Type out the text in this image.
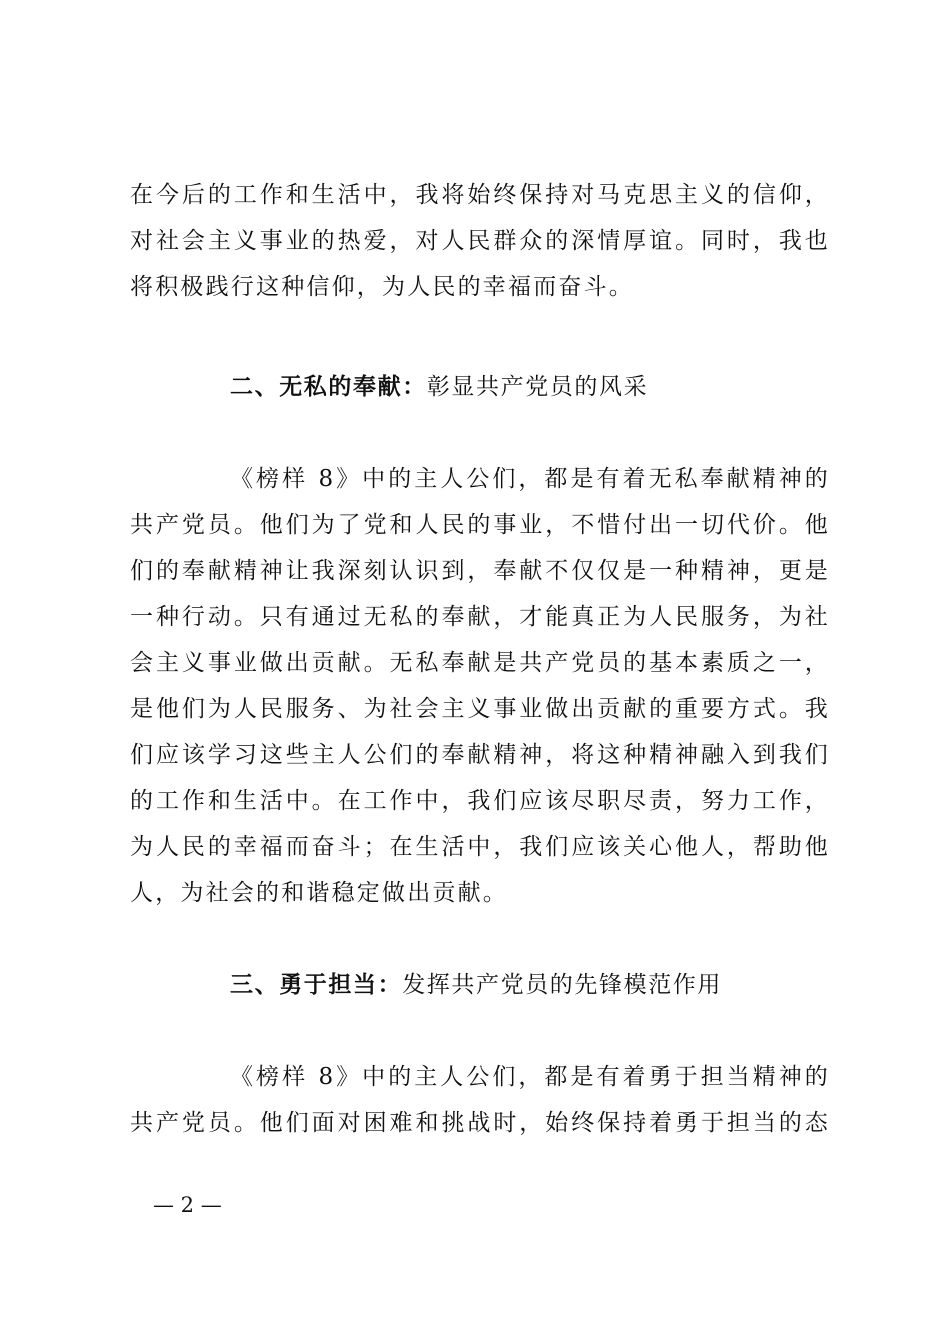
在今后的工作和生活中，我将始终保持对马克思主义的信仰，
对社会主义事业的热爱，对人民群众的深情厚谊。同时，我也
将积极践行这种信仰，为人民的幸福而奋斗。
二、无私的奉献：彰显共产党员的风采
《榜样 8》中的主人公们，都是有着无私奉献精神的
共产党员。他们为了党和人民的事业，不惜付出一切代价。他
们的奉献精神让我深刻认识到，奉献不仅仅是一种精神，更是
一种行动。只有通过无私的奉献，才能真正为人民服务，为社
会主义事业做出贡献。无私奉献是共产党员的基本素质之一，
是他们为人民服务、为社会主义事业做出贡献的重要方式。我
们应该学习这些主人公们的奉献精神，将这种精神融入到我们
的工作和生活中。在工作中，我们应该尽职尽责，努力工作，
为人民的幸福而奋斗；在生活中，我们应该关心他人，帮助他
人，为社会的和谐稳定做出贡献。
三、勇于担当：发挥共产党员的先锋模范作用
《榜样 8》中的主人公们，都是有着勇于担当精神的
共产党员。他们面对困难和挑战时，始终保持着勇于担当的态
— 2 —
